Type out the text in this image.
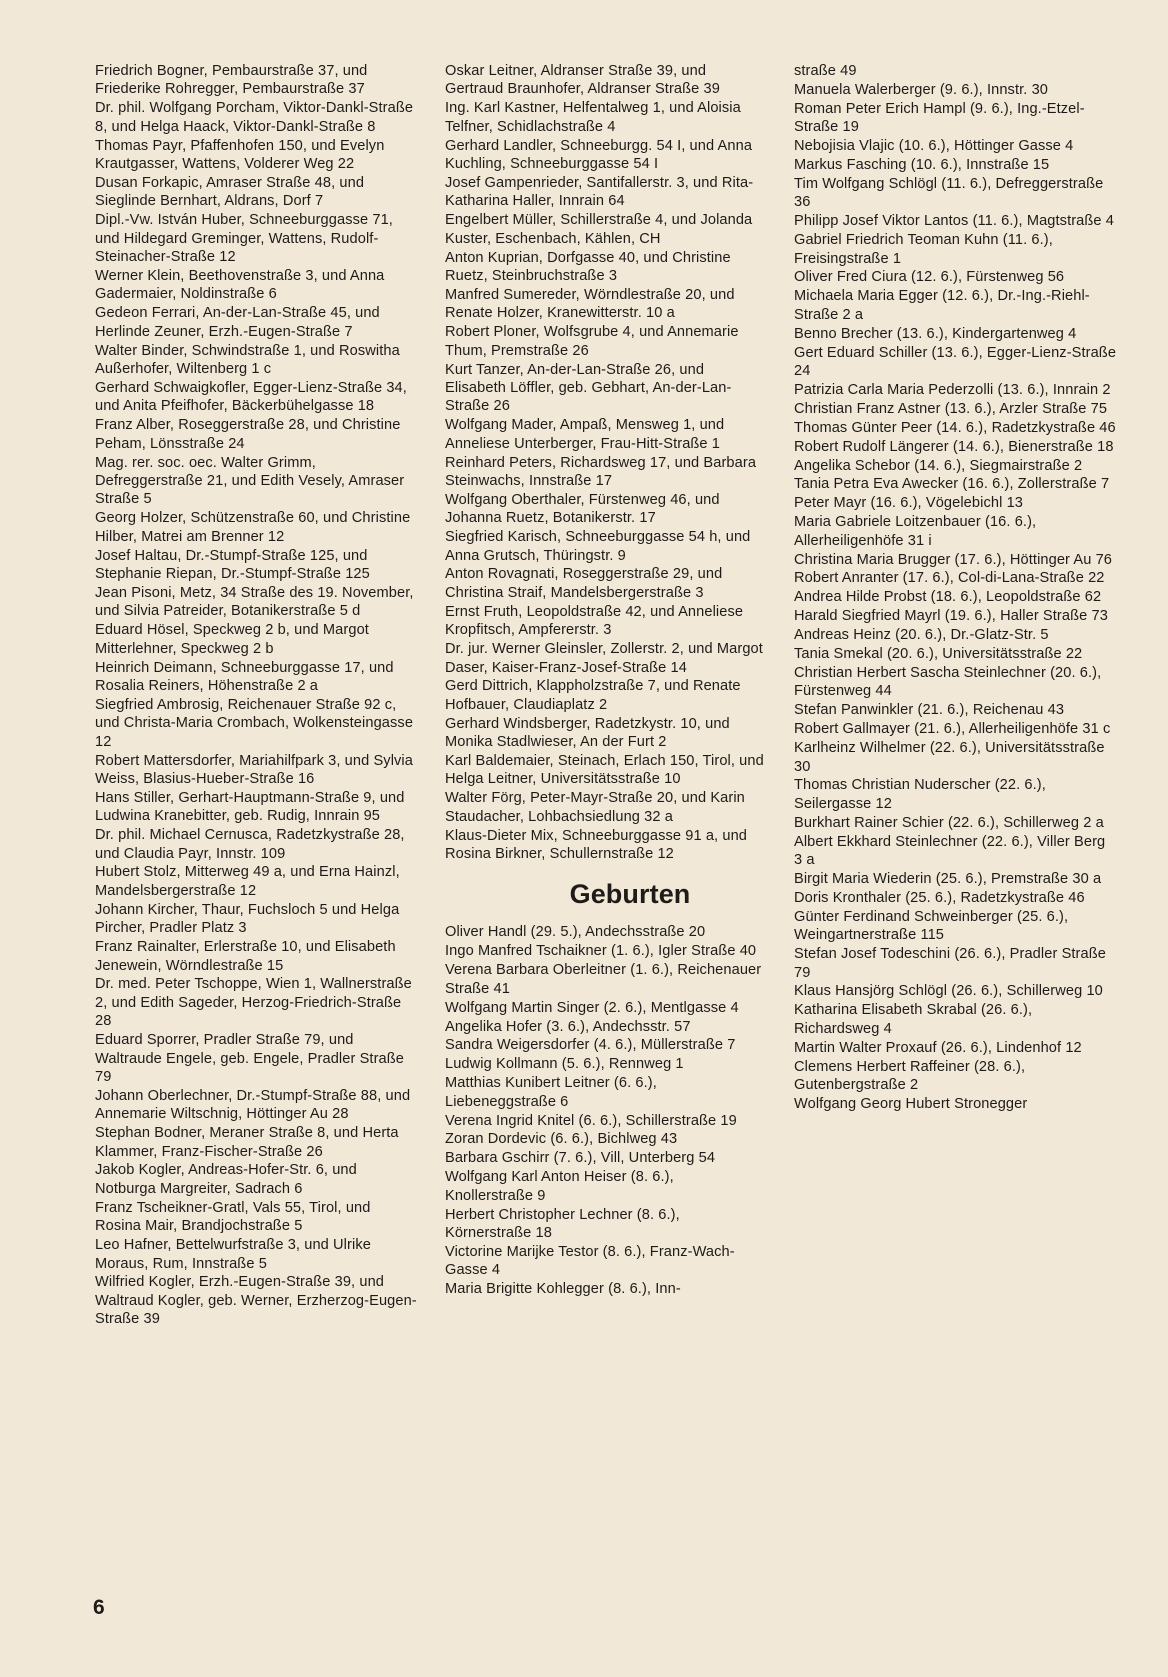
Friedrich Bogner, Pembaurstraße 37, und Friederike Rohregger, Pembaurstraße 37
Dr. phil. Wolfgang Porcham, Viktor-Dankl-Straße 8, und Helga Haack, Viktor-Dankl-Straße 8
Thomas Payr, Pfaffenhofen 150, und Evelyn Krautgasser, Wattens, Volderer Weg 22
Dusan Forkapic, Amraser Straße 48, und Sieglinde Bernhart, Aldrans, Dorf 7
Dipl.-Vw. István Huber, Schneeburggasse 71, und Hildegard Greminger, Wattens, Rudolf-Steinacher-Straße 12
Werner Klein, Beethovenstraße 3, und Anna Gadermaier, Noldinstraße 6
Gedeon Ferrari, An-der-Lan-Straße 45, und Herlinde Zeuner, Erzh.-Eugen-Straße 7
Walter Binder, Schwindstraße 1, und Roswitha Außerhofer, Wiltenberg 1 c
Gerhard Schwaigkofler, Egger-Lienz-Straße 34, und Anita Pfeifhofer, Bäckerbühelgasse 18
Franz Alber, Roseggerstraße 28, und Christine Peham, Lönsstraße 24
Mag. rer. soc. oec. Walter Grimm, Defreggerstraße 21, und Edith Vesely, Amraser Straße 5
Georg Holzer, Schützenstraße 60, und Christine Hilber, Matrei am Brenner 12
Josef Haltau, Dr.-Stumpf-Straße 125, und Stephanie Riepan, Dr.-Stumpf-Straße 125
Jean Pisoni, Metz, 34 Straße des 19. November, und Silvia Patreider, Botanikerstraße 5 d
Eduard Hösel, Speckweg 2 b, und Margot Mitterlehner, Speckweg 2 b
Heinrich Deimann, Schneeburggasse 17, und Rosalia Reiners, Höhenstraße 2 a
Siegfried Ambrosig, Reichenauer Straße 92 c, und Christa-Maria Crombach, Wolkensteingasse 12
Robert Mattersdorfer, Mariahilfpark 3, und Sylvia Weiss, Blasius-Hueber-Straße 16
Hans Stiller, Gerhart-Hauptmann-Straße 9, und Ludwina Kranebitter, geb. Rudig, Innrain 95
Dr. phil. Michael Cernusca, Radetzkystraße 28, und Claudia Payr, Innstr. 109
Hubert Stolz, Mitterweg 49 a, und Erna Hainzl, Mandelsbergerstraße 12
Johann Kircher, Thaur, Fuchsloch 5 und Helga Pircher, Pradler Platz 3
Franz Rainalter, Erlerstraße 10, und Elisabeth Jenewein, Wörndlestraße 15
Dr. med. Peter Tschoppe, Wien 1, Wallnerstraße 2, und Edith Sageder, Herzog-Friedrich-Straße 28
Eduard Sporrer, Pradler Straße 79, und Waltraude Engele, geb. Engele, Pradler Straße 79
Johann Oberlechner, Dr.-Stumpf-Straße 88, und Annemarie Wiltschnig, Höttinger Au 28
Stephan Bodner, Meraner Straße 8, und Herta Klammer, Franz-Fischer-Straße 26
Jakob Kogler, Andreas-Hofer-Str. 6, und Notburga Margreiter, Sadrach 6
Franz Tscheikner-Gratl, Vals 55, Tirol, und Rosina Mair, Brandjochstraße 5
Leo Hafner, Bettelwurfstraße 3, und Ulrike Moraus, Rum, Innstraße 5
Wilfried Kogler, Erzh.-Eugen-Straße 39, und Waltraud Kogler, geb. Werner, Erzherzog-Eugen-Straße 39
Oskar Leitner, Aldranser Straße 39, und Gertraud Braunhofer, Aldranser Straße 39
Ing. Karl Kastner, Helfentalweg 1, und Aloisia Telfner, Schidlachstraße 4
Gerhard Landler, Schneeburgg. 54 I, und Anna Kuchling, Schneeburggasse 54 I
Josef Gampenrieder, Santifallerstr. 3, und Rita-Katharina Haller, Innrain 64
Engelbert Müller, Schillerstraße 4, und Jolanda Kuster, Eschenbach, Kählen, CH
Anton Kuprian, Dorfgasse 40, und Christine Ruetz, Steinbruchstraße 3
Manfred Sumereder, Wörndlestraße 20, und Renate Holzer, Kranewitterstr. 10 a
Robert Ploner, Wolfsgrube 4, und Annemarie Thum, Premstraße 26
Kurt Tanzer, An-der-Lan-Straße 26, und Elisabeth Löffler, geb. Gebhart, An-der-Lan-Straße 26
Wolfgang Mader, Ampaß, Mensweg 1, und Anneliese Unterberger, Frau-Hitt-Straße 1
Reinhard Peters, Richardsweg 17, und Barbara Steinwachs, Innstraße 17
Wolfgang Oberthaler, Fürstenweg 46, und Johanna Ruetz, Botanikerstr. 17
Siegfried Karisch, Schneeburggasse 54 h, und Anna Grutsch, Thüringstr. 9
Anton Rovagnati, Roseggerstraße 29, und Christina Straif, Mandelsbergerstraße 3
Ernst Fruth, Leopoldstraße 42, und Anneliese Kropfitsch, Ampfererstr. 3
Dr. jur. Werner Gleinsler, Zollerstr. 2, und Margot Daser, Kaiser-Franz-Josef-Straße 14
Gerd Dittrich, Klappholzstraße 7, und Renate Hofbauer, Claudiaplatz 2
Gerhard Windsberger, Radetzkystr. 10, und Monika Stadlwieser, An der Furt 2
Karl Baldemaier, Steinach, Erlach 150, Tirol, und Helga Leitner, Universitätsstraße 10
Walter Förg, Peter-Mayr-Straße 20, und Karin Staudacher, Lohbachsiedlung 32 a
Klaus-Dieter Mix, Schneeburggasse 91 a, und Rosina Birkner, Schullernstraße 12
Geburten
Oliver Handl (29. 5.), Andechsstraße 20
Ingo Manfred Tschaikner (1. 6.), Igler Straße 40
Verena Barbara Oberleitner (1. 6.), Reichenauer Straße 41
Wolfgang Martin Singer (2. 6.), Mentlgasse 4
Angelika Hofer (3. 6.), Andechsstr. 57
Sandra Weigersdorfer (4. 6.), Müllerstraße 7
Ludwig Kollmann (5. 6.), Rennweg 1
Matthias Kunibert Leitner (6. 6.), Liebeneggstraße 6
Verena Ingrid Knitel (6. 6.), Schillerstraße 19
Zoran Dordevic (6. 6.), Bichlweg 43
Barbara Gschirr (7. 6.), Vill, Unterberg 54
Wolfgang Karl Anton Heiser (8. 6.), Knollerstraße 9
Herbert Christopher Lechner (8. 6.), Körnerstraße 18
Victorine Marijke Testor (8. 6.), Franz-Wach-Gasse 4
Maria Brigitte Kohlegger (8. 6.), Inn-
straße 49
Manuela Walerberger (9. 6.), Innstr. 30
Roman Peter Erich Hampl (9. 6.), Ing.-Etzel-Straße 19
Nebojisia Vlajic (10. 6.), Höttinger Gasse 4
Markus Fasching (10. 6.), Innstraße 15
Tim Wolfgang Schlögl (11. 6.), Defreggerstraße 36
Philipp Josef Viktor Lantos (11. 6.), Magtstraße 4
Gabriel Friedrich Teoman Kuhn (11. 6.), Freisingstraße 1
Oliver Fred Ciura (12. 6.), Fürstenweg 56
Michaela Maria Egger (12. 6.), Dr.-Ing.-Riehl-Straße 2 a
Benno Brecher (13. 6.), Kindergartenweg 4
Gert Eduard Schiller (13. 6.), Egger-Lienz-Straße 24
Patrizia Carla Maria Pederzolli (13. 6.), Innrain 2
Christian Franz Astner (13. 6.), Arzler Straße 75
Thomas Günter Peer (14. 6.), Radetzkystraße 46
Robert Rudolf Längerer (14. 6.), Bienerstraße 18
Angelika Schebor (14. 6.), Siegmairstraße 2
Tania Petra Eva Awecker (16. 6.), Zollerstraße 7
Peter Mayr (16. 6.), Vögelebichl 13
Maria Gabriele Loitzenbauer (16. 6.), Allerheiligenhöfe 31 i
Christina Maria Brugger (17. 6.), Höttinger Au 76
Robert Anranter (17. 6.), Col-di-Lana-Straße 22
Andrea Hilde Probst (18. 6.), Leopoldstraße 62
Harald Siegfried Mayrl (19. 6.), Haller Straße 73
Andreas Heinz (20. 6.), Dr.-Glatz-Str. 5
Tania Smekal (20. 6.), Universitätsstraße 22
Christian Herbert Sascha Steinlechner (20. 6.), Fürstenweg 44
Stefan Panwinkler (21. 6.), Reichenau 43
Robert Gallmayer (21. 6.), Allerheiligenhöfe 31 c
Karlheinz Wilhelmer (22. 6.), Universitätsstraße 30
Thomas Christian Nuderscher (22. 6.), Seilergasse 12
Burkhart Rainer Schier (22. 6.), Schillerweg 2 a
Albert Ekkhard Steinlechner (22. 6.), Viller Berg 3 a
Birgit Maria Wiederin (25. 6.), Premstraße 30 a
Doris Kronthaler (25. 6.), Radetzkystraße 46
Günter Ferdinand Schweinberger (25. 6.), Weingartnerstraße 115
Stefan Josef Todeschini (26. 6.), Pradler Straße 79
Klaus Hansjörg Schlögl (26. 6.), Schillerweg 10
Katharina Elisabeth Skrabal (26. 6.), Richardsweg 4
Martin Walter Proxauf (26. 6.), Lindenhof 12
Clemens Herbert Raffeiner (28. 6.), Gutenbergstraße 2
Wolfgang Georg Hubert Stronegger
6
